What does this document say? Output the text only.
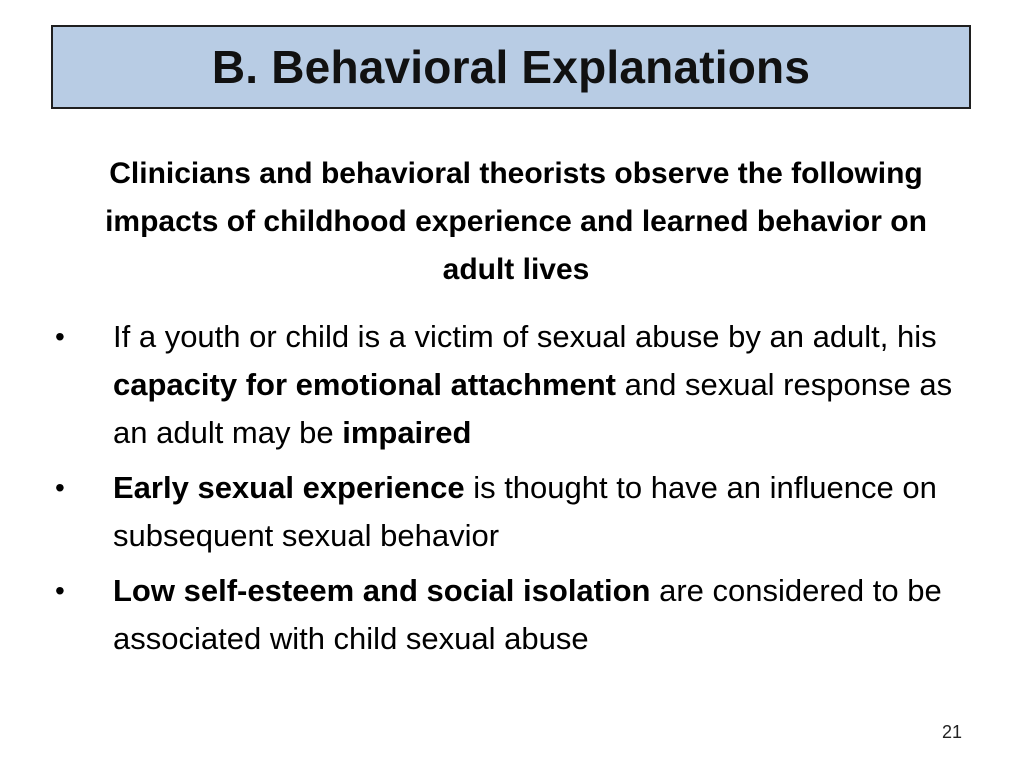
B. Behavioral Explanations
Clinicians and behavioral theorists observe the following impacts of childhood experience and learned behavior on adult lives
•	If a youth or child is a victim of sexual abuse by an adult, his capacity for emotional attachment and sexual response as an adult may be impaired
•	Early sexual experience is thought to have an influence on subsequent sexual behavior
•	Low self-esteem and social isolation are considered to be associated with child sexual abuse
21
